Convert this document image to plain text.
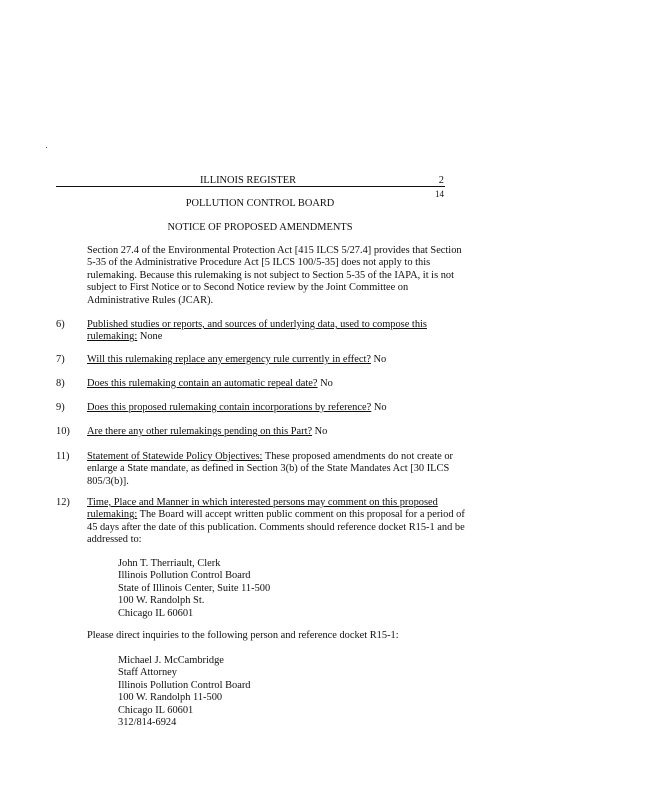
ILLINOIS REGISTER	2
14
POLLUTION CONTROL BOARD
NOTICE OF PROPOSED AMENDMENTS

Section 27.4 of the Environmental Protection Act [415 ILCS 5/27.4] provides that Section 5-35 of the Administrative Procedure Act [5 ILCS 100/5-35] does not apply to this rulemaking. Because this rulemaking is not subject to Section 5-35 of the IAPA, it is not subject to First Notice or to Second Notice review by the Joint Committee on Administrative Rules (JCAR).

6)	Published studies or reports, and sources of underlying data, used to compose this rulemaking: None
7)	Will this rulemaking replace any emergency rule currently in effect? No
8)	Does this rulemaking contain an automatic repeal date? No
9)	Does this proposed rulemaking contain incorporations by reference? No
10)	Are there any other rulemakings pending on this Part? No
11)	Statement of Statewide Policy Objectives: These proposed amendments do not create or enlarge a State mandate, as defined in Section 3(b) of the State Mandates Act [30 ILCS 805/3(b)].
12)	Time, Place and Manner in which interested persons may comment on this proposed rulemaking: The Board will accept written public comment on this proposal for a period of 45 days after the date of this publication. Comments should reference docket R15-1 and be addressed to:
John T. Therriault, Clerk
Illinois Pollution Control Board
State of Illinois Center, Suite 11-500
100 W. Randolph St.
Chicago IL 60601
Please direct inquiries to the following person and reference docket R15-1:
Michael J. McCambridge
Staff Attorney
Illinois Pollution Control Board
100 W. Randolph 11-500
Chicago IL 60601
312/814-6924
